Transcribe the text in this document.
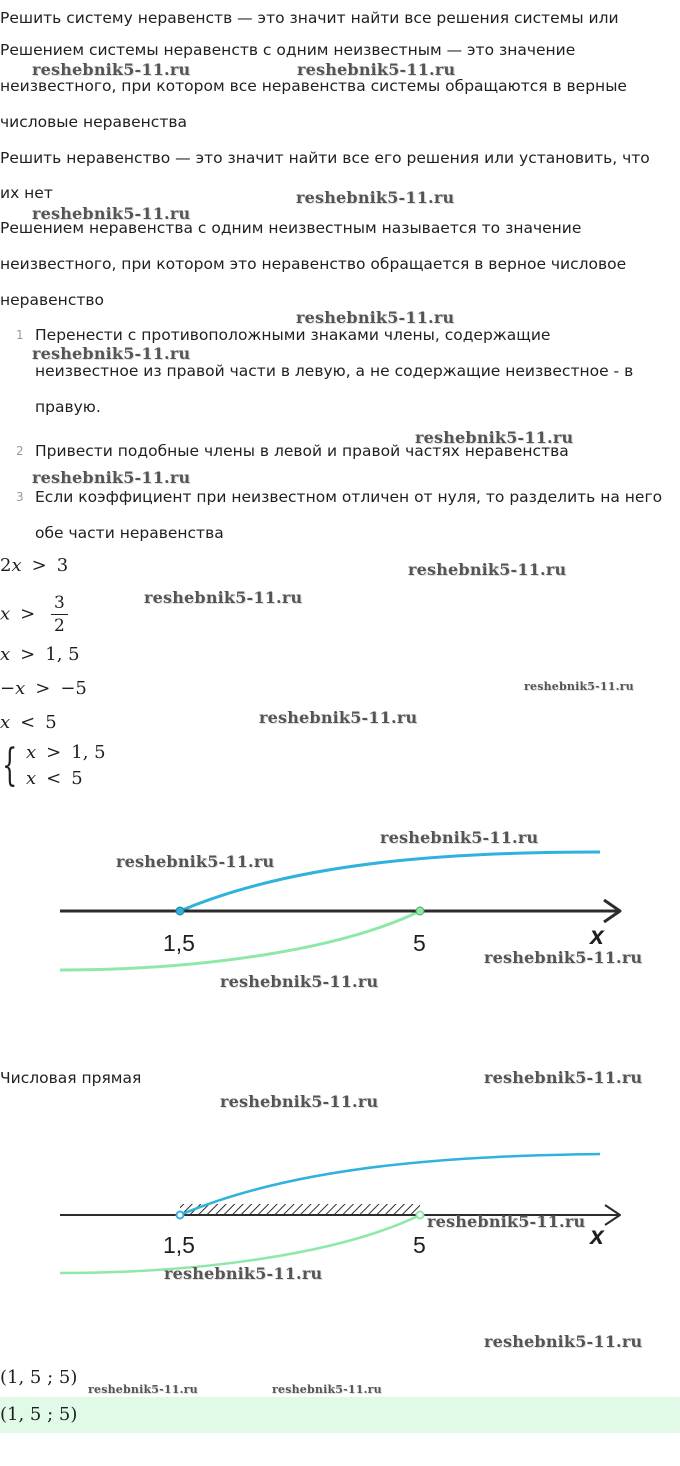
Решить систему неравенств — это значит найти все решения системы или
Решением системы неравенств с одним неизвестным — это значение
неизвестного, при котором все неравенства системы обращаются в верные
числовые неравенства
Решить неравенство — это значит найти все его решения или установить, что
их нет
Решением неравенства с одним неизвестным называется то значение
неизвестного, при котором это неравенство обращается в верное числовое
неравенство
1 Перенести с противоположными знаками члены, содержащие
неизвестное из правой части в левую, а не содержащие неизвестное - в
правую.
2 Привести подобные члены в левой и правой частях неравенства
3 Если коэффициент при неизвестном отличен от нуля, то разделить на него
обе части неравенства
2x > 3
$x > \frac{3}{2}$
x > 1, 5
−x > −5
x < 5
{ x > 1, 5
x < 5
1,5	5	x
Числовая прямая
1,5	5	x
(1, 5 ; 5)
(1, 5 ; 5)
reshebnik5-11.ru	reshebnik5-11.ru
reshebnik5-11.ru
reshebnik5-11.ru
reshebnik5-11.ru
reshebnik5-11.ru
reshebnik5-11.ru
reshebnik5-11.ru
reshebnik5-11.ru
reshebnik5-11.ru
reshebnik5-11.ru
reshebnik5-11.ru
reshebnik5-11.ru
reshebnik5-11.ru
reshebnik5-11.ru
reshebnik5-11.ru
reshebnik5-11.ru
reshebnik5-11.ru
reshebnik5-11.ru
reshebnik5-11.ru
reshebnik5-11.ru
reshebnik5-11.ru	reshebnik5-11.ru
